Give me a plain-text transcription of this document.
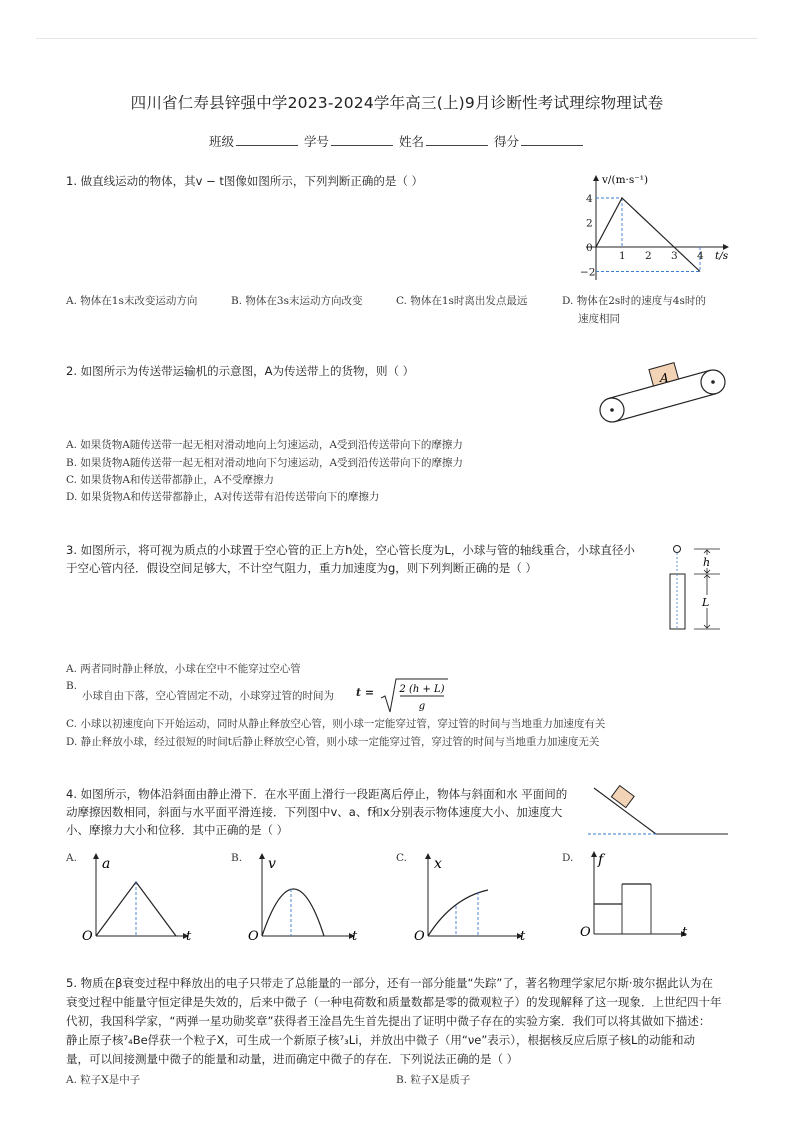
四川省仁寿县锌强中学2023-2024学年高三(上)9月诊断性考试理综物理试卷
班级	学号	姓名	得分
1. 做直线运动的物体，其v − t图像如图所示，下列判断正确的是（ ）	v/(m·s⁻¹)
t/s
4
2
0
−2
1 2 3 4
A. 物体在1s末改变运动方向	B. 物体在3s末运动方向改变	C. 物体在1s时离出发点最远	D. 物体在2s时的速度与4s时的
速度相同
2. 如图所示为传送带运输机的示意图，A为传送带上的货物，则（ ）	A
A. 如果货物A随传送带一起无相对滑动地向上匀速运动，A受到沿传送带向下的摩擦力
B. 如果货物A随传送带一起无相对滑动地向下匀速运动，A受到沿传送带向下的摩擦力
C. 如果货物A和传送带都静止，A不受摩擦力
D. 如果货物A和传送带都静止，A对传送带有沿传送带向下的摩擦力
3. 如图所示，将可视为质点的小球置于空心管的正上方h处，空心管长度为L，小球与管的轴线重合，小球直径小
于空心管内径．假设空间足够大，不计空气阻力，重力加速度为g，则下列判断正确的是（ ）	h
L
A. 两者同时静止释放，小球在空中不能穿过空心管
B.
小球自由下落，空心管固定不动，小球穿过管的时间为 t =	2 (h + L)
g
C. 小球以初速度向下开始运动，同时从静止释放空心管，则小球一定能穿过管，穿过管的时间与当地重力加速度有关
D. 静止释放小球，经过很短的时间t后静止释放空心管，则小球一定能穿过管，穿过管的时间与当地重力加速度无关
4. 如图所示，物体沿斜面由静止滑下．在水平面上滑行一段距离后停止，物体与斜面和水 平面间的
动摩擦因数相同，斜面与水平面平滑连接．下列图中v、a、f和x分别表示物体速度大小、加速度大
小、摩擦力大小和位移．其中正确的是（ ）
A. a
O	t
B. v
O	t
C. x
O	t
D. f
O	t
5. 物质在β衰变过程中释放出的电子只带走了总能量的一部分，还有一部分能量“失踪”了，著名物理学家尼尔斯·玻尔据此认为在
衰变过程中能量守恒定律是失效的，后来中微子（一种电荷数和质量数都是零的微观粒子）的发现解释了这一现象．上世纪四十年
代初，我国科学家，“两弹一星功勋奖章”获得者王淦昌先生首先提出了证明中微子存在的实验方案．我们可以将其做如下描述：
静止原子核⁷₄Be俘获一个粒子X，可生成一个新原子核⁷₃Li，并放出中微子（用“νe”表示），根据核反应后原子核L的动能和动
量，可以间接测量中微子的能量和动量，进而确定中微子的存在．下列说法正确的是（ ）
A. 粒子X是中子	B. 粒子X是质子
